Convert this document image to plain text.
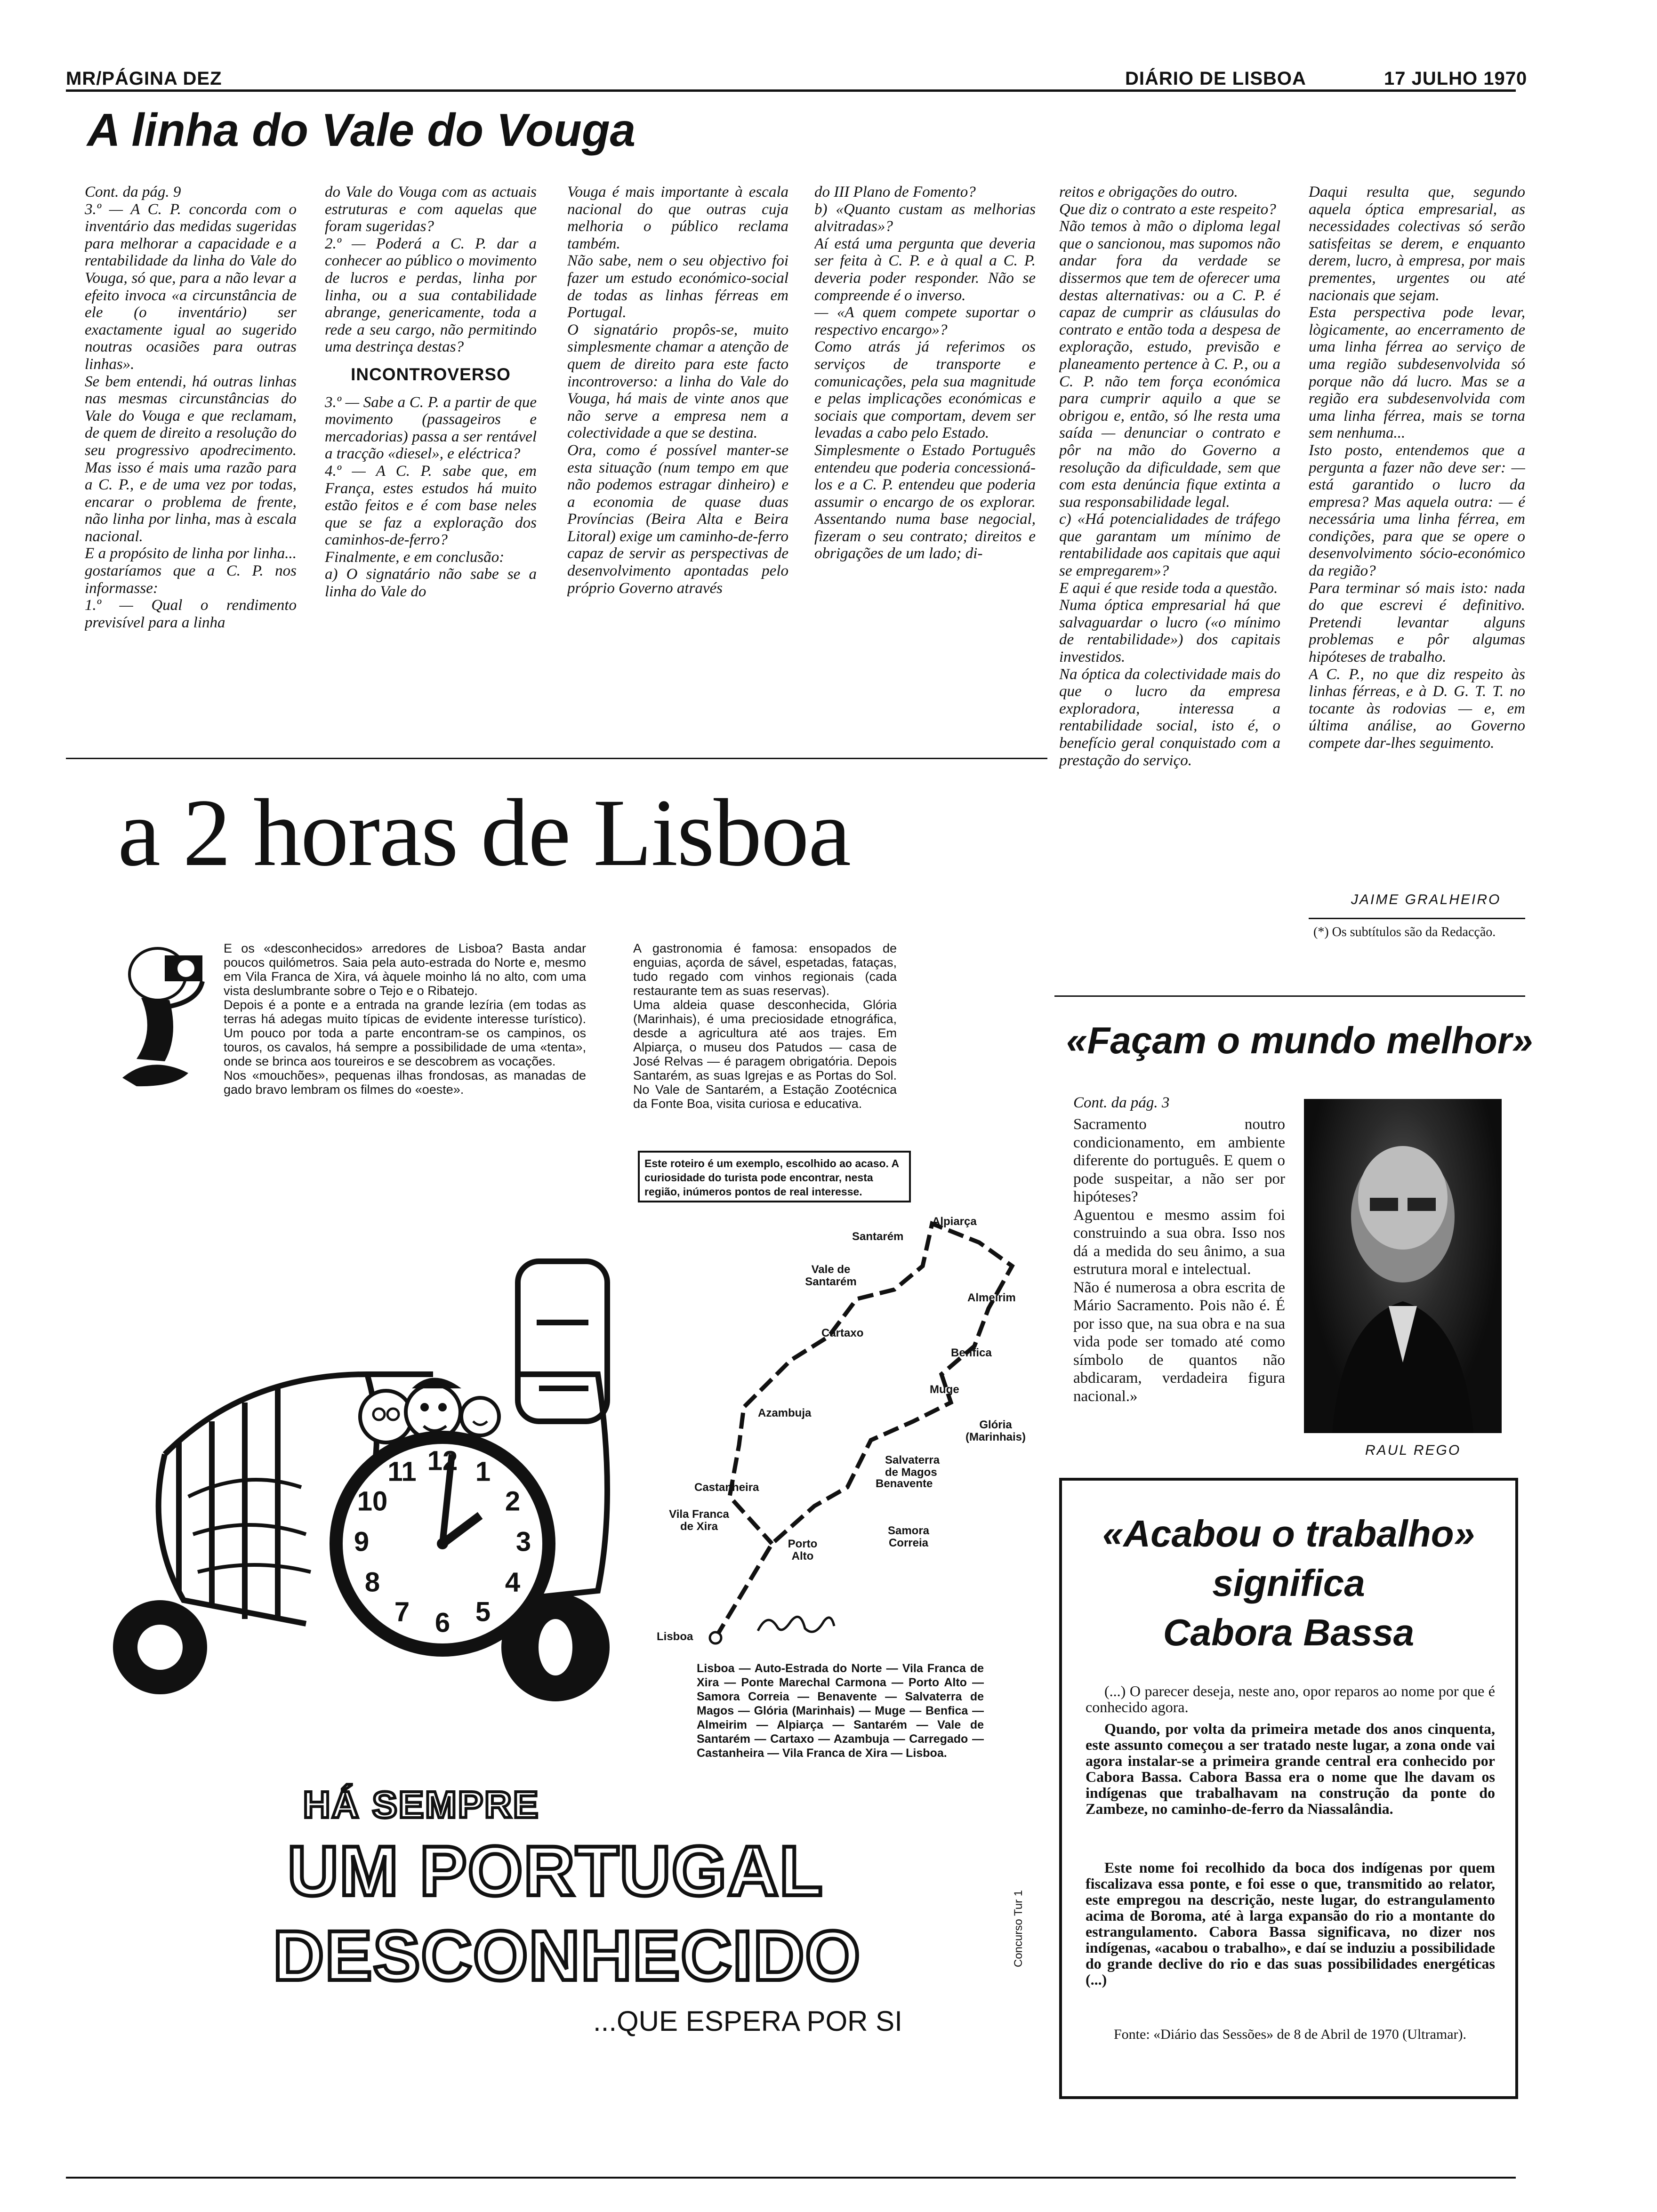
MR/PÁGINA DEZ	DIÁRIO DE LISBOA	17 JULHO 1970
A linha do Vale do Vouga
Cont. da pág. 9
3.º — A C. P. concorda com o inventário das medidas sugeridas para melhorar a capacidade e a rentabilidade da linha do Vale do Vouga, só que, para a não levar a efeito invoca «a circunstância de ele (o inventário) ser exactamente igual ao sugerido noutras ocasiões para outras linhas».
Se bem entendi, há outras linhas nas mesmas circunstâncias do Vale do Vouga e que reclamam, de quem de direito a resolução do seu progressivo apodrecimento. Mas isso é mais uma razão para a C. P., e de uma vez por todas, encarar o problema de frente, não linha por linha, mas à escala nacional.
E a propósito de linha por linha... gostaríamos que a C. P. nos informasse:
1.º — Qual o rendimento previsível para a linha
do Vale do Vouga com as actuais estruturas e com aquelas que foram sugeridas?
2.º — Poderá a C. P. dar a conhecer ao público o movimento de lucros e perdas, linha por linha, ou a sua contabilidade abrange, genericamente, toda a rede a seu cargo, não permitindo uma destrinça destas?
INCONTROVERSO
3.º — Sabe a C. P. a partir de que movimento (passageiros e mercadorias) passa a ser rentável a tracção «diesel», e eléctrica?
4.º — A C. P. sabe que, em França, estes estudos há muito estão feitos e é com base neles que se faz a exploração dos caminhos-de-ferro?
Finalmente, e em conclusão:
a) O signatário não sabe se a linha do Vale do
Vouga é mais importante à escala nacional do que outras cuja melhoria o público reclama também.
Não sabe, nem o seu objectivo foi fazer um estudo económico-social de todas as linhas férreas em Portugal.
O signatário propôs-se, muito simplesmente chamar a atenção de quem de direito para este facto incontroverso: a linha do Vale do Vouga, há mais de vinte anos que não serve a empresa nem a colectividade a que se destina.
Ora, como é possível manter-se esta situação (num tempo em que não podemos estragar dinheiro) e a economia de quase duas Províncias (Beira Alta e Beira Litoral) exige um caminho-de-ferro capaz de servir as perspectivas de desenvolvimento apontadas pelo próprio Governo através
do III Plano de Fomento?
b) «Quanto custam as melhorias alvitradas»?
Aí está uma pergunta que deveria ser feita à C. P. e à qual a C. P. deveria poder responder. Não se compreende é o inverso.
— «A quem compete suportar o respectivo encargo»?
Como atrás já referimos os serviços de transporte e comunicações, pela sua magnitude e pelas implicações económicas e sociais que comportam, devem ser levadas a cabo pelo Estado.
Simplesmente o Estado Português entendeu que poderia concessioná-los e a C. P. entendeu que poderia assumir o encargo de os explorar. Assentando numa base negocial, fizeram o seu contrato; direitos e obrigações de um lado; di-
reitos e obrigações do outro.
Que diz o contrato a este respeito?
Não temos à mão o diploma legal que o sancionou, mas supomos não andar fora da verdade se dissermos que tem de oferecer uma destas alternativas: ou a C. P. é capaz de cumprir as cláusulas do contrato e então toda a despesa de exploração, estudo, previsão e planeamento pertence à C. P., ou a C. P. não tem força económica para cumprir aquilo a que se obrigou e, então, só lhe resta uma saída — denunciar o contrato e pôr na mão do Governo a resolução da dificuldade, sem que com esta denúncia fique extinta a sua responsabilidade legal.
c) «Há potencialidades de tráfego que garantam um mínimo de rentabilidade aos capitais que aqui se empregarem»?
E aqui é que reside toda a questão.
Numa óptica empresarial há que salvaguardar o lucro («o mínimo de rentabilidade») dos capitais investidos.
Na óptica da colectividade mais do que o lucro da empresa exploradora, interessa a rentabilidade social, isto é, o benefício geral conquistado com a prestação do serviço.
Daqui resulta que, segundo aquela óptica empresarial, as necessidades colectivas só serão satisfeitas se derem, e enquanto derem, lucro, à empresa, por mais prementes, urgentes ou até nacionais que sejam.
Esta perspectiva pode levar, lògicamente, ao encerramento de uma linha férrea ao serviço de uma região subdesenvolvida só porque não dá lucro. Mas se a região era subdesenvolvida com uma linha férrea, mais se torna sem nenhuma...
Isto posto, entendemos que a pergunta a fazer não deve ser: — está garantido o lucro da empresa? Mas aquela outra: — é necessária uma linha férrea, em condições, para que se opere o desenvolvimento sócio-económico da região?
Para terminar só mais isto: nada do que escrevi é definitivo. Pretendi levantar alguns problemas e pôr algumas hipóteses de trabalho.
A C. P., no que diz respeito às linhas férreas, e à D. G. T. T. no tocante às rodovias — e, em última análise, ao Governo compete dar-lhes seguimento.
JAIME GRALHEIRO
(*) Os subtítulos são da Redacção.
a 2 horas de Lisboa
E os «desconhecidos» arredores de Lisboa? Basta andar poucos quilómetros. Saia pela auto-estrada do Norte e, mesmo em Vila Franca de Xira, vá àquele moinho lá no alto, com uma vista deslumbrante sobre o Tejo e o Ribatejo.
Depois é a ponte e a entrada na grande lezíria (em todas as terras há adegas muito típicas de evidente interesse turístico). Um pouco por toda a parte encontram-se os campinos, os touros, os cavalos, há sempre a possibilidade de uma «tenta», onde se brinca aos toureiros e se descobrem as vocações.
Nos «mouchões», pequenas ilhas frondosas, as manadas de gado bravo lembram os filmes do «oeste».
A gastronomia é famosa: ensopados de enguias, açorda de sável, espetadas, fataças, tudo regado com vinhos regionais (cada restaurante tem as suas reservas).
Uma aldeia quase desconhecida, Glória (Marinhais), é uma preciosidade etnográfica, desde a agricultura até aos trajes. Em Alpiarça, o museu dos Patudos — casa de José Relvas — é paragem obrigatória. Depois Santarém, as suas Igrejas e as Portas do Sol. No Vale de Santarém, a Estação Zootécnica da Fonte Boa, visita curiosa e educativa.
Este roteiro é um exemplo, escolhido ao acaso. A curiosidade do turista pode encontrar, nesta região, inúmeros pontos de real interesse.
12 1
2
3
4
5
6
7
8
9
10
11
Alpiarça
Santarém
Vale de Santarém
Almeirim
Cartaxo
Benfica
Muge
Azambuja
Glória (Marinhais)
Salvaterra de Magos
Benavente
Castanheira
Vila Franca de Xira	Samora Correia
Porto Alto
Lisboa
Lisboa — Auto-Estrada do Norte — Vila Franca de Xira — Ponte Marechal Carmona — Porto Alto — Samora Correia — Benavente — Salvaterra de Magos — Glória (Marinhais) — Muge — Benfica — Almeirim — Alpiarça — Santarém — Vale de Santarém — Cartaxo — Azambuja — Carregado — Castanheira — Vila Franca de Xira — Lisboa.
HÁ SEMPRE
UM PORTUGAL
DESCONHECIDO
...QUE ESPERA POR SI
Concurso Tur 1
«Façam o mundo melhor»
Cont. da pág. 3
Sacramento noutro condicionamento, em ambiente diferente do português. E quem o pode suspeitar, a não ser por hipóteses?
Aguentou e mesmo assim foi construindo a sua obra. Isso nos dá a medida do seu ânimo, a sua estrutura moral e intelectual.
Não é numerosa a obra escrita de Mário Sacramento. Pois não é. É por isso que, na sua obra e na sua vida pode ser tomado até como símbolo de quantos não abdicaram, verdadeira figura nacional.»
RAUL REGO
«Acabou o trabalho»
significa
Cabora Bassa
(...) O parecer deseja, neste ano, opor reparos ao nome por que é conhecido agora.
Quando, por volta da primeira metade dos anos cinquenta, este assunto começou a ser tratado neste lugar, a zona onde vai agora instalar-se a primeira grande central era conhecido por Cabora Bassa. Cabora Bassa era o nome que lhe davam os indígenas que trabalhavam na construção da ponte do Zambeze, no caminho-de-ferro da Niassalândia.
Este nome foi recolhido da boca dos indígenas por quem fiscalizava essa ponte, e foi esse o que, transmitido ao relator, este empregou na descrição, neste lugar, do estrangulamento acima de Boroma, até à larga expansão do rio a montante do estrangulamento. Cabora Bassa significava, no dizer nos indígenas, «acabou o trabalho», e daí se induziu a possibilidade do grande declive do rio e das suas possibilidades energéticas (...)
Fonte: «Diário das Sessões» de 8 de Abril de 1970 (Ultramar).
